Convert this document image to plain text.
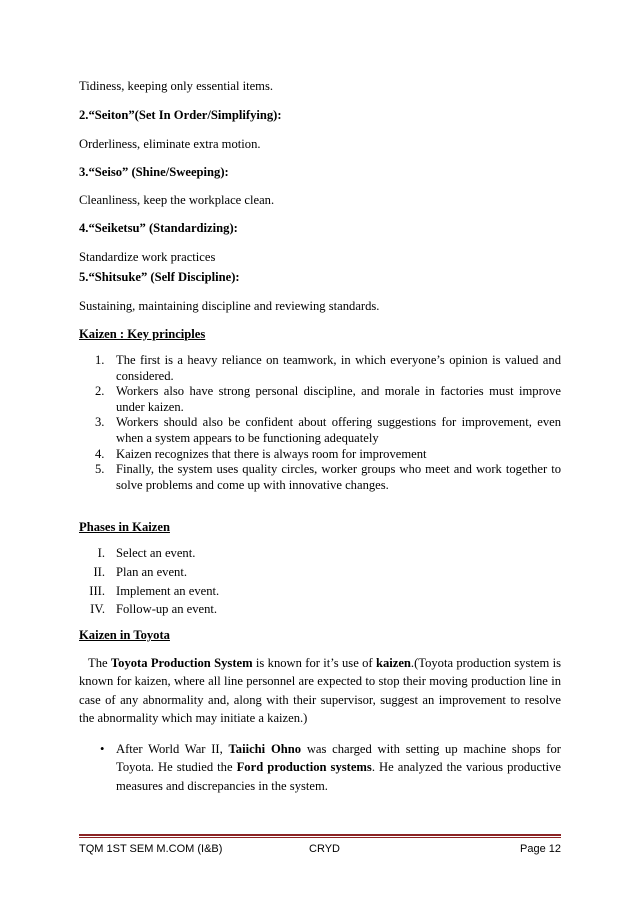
Tidiness, keeping only essential items.
2.“Seiton”(Set In Order/Simplifying):
Orderliness, eliminate extra motion.
3.“Seiso” (Shine/Sweeping):
Cleanliness, keep the workplace clean.
4.“Seiketsu” (Standardizing):
Standardize work practices
5.“Shitsuke” (Self Discipline):
Sustaining, maintaining discipline and reviewing standards.
Kaizen : Key principles
1. The first is a heavy reliance on teamwork, in which everyone’s opinion is valued and considered.
2. Workers also have strong personal discipline, and morale in factories must improve under kaizen.
3. Workers should also be confident about offering suggestions for improvement, even when a system appears to be functioning adequately
4. Kaizen recognizes that there is always room for improvement
5. Finally, the system uses quality circles, worker groups who meet and work together to solve problems and come up with innovative changes.
Phases in Kaizen
I. Select an event.
II. Plan an event.
III. Implement an event.
IV. Follow-up an event.
Kaizen in Toyota

The Toyota Production System is known for it’s use of kaizen.(Toyota production system is known for kaizen, where all line personnel are expected to stop their moving production line in case of any abnormality and, along with their supervisor, suggest an improvement to resolve the abnormality which may initiate a kaizen.)

• After World War II, Taiichi Ohno was charged with setting up machine shops for Toyota. He studied the Ford production systems. He analyzed the various productive measures and discrepancies in the system.

TQM 1ST SEM M.COM (I&B)	CRYD	Page 12
